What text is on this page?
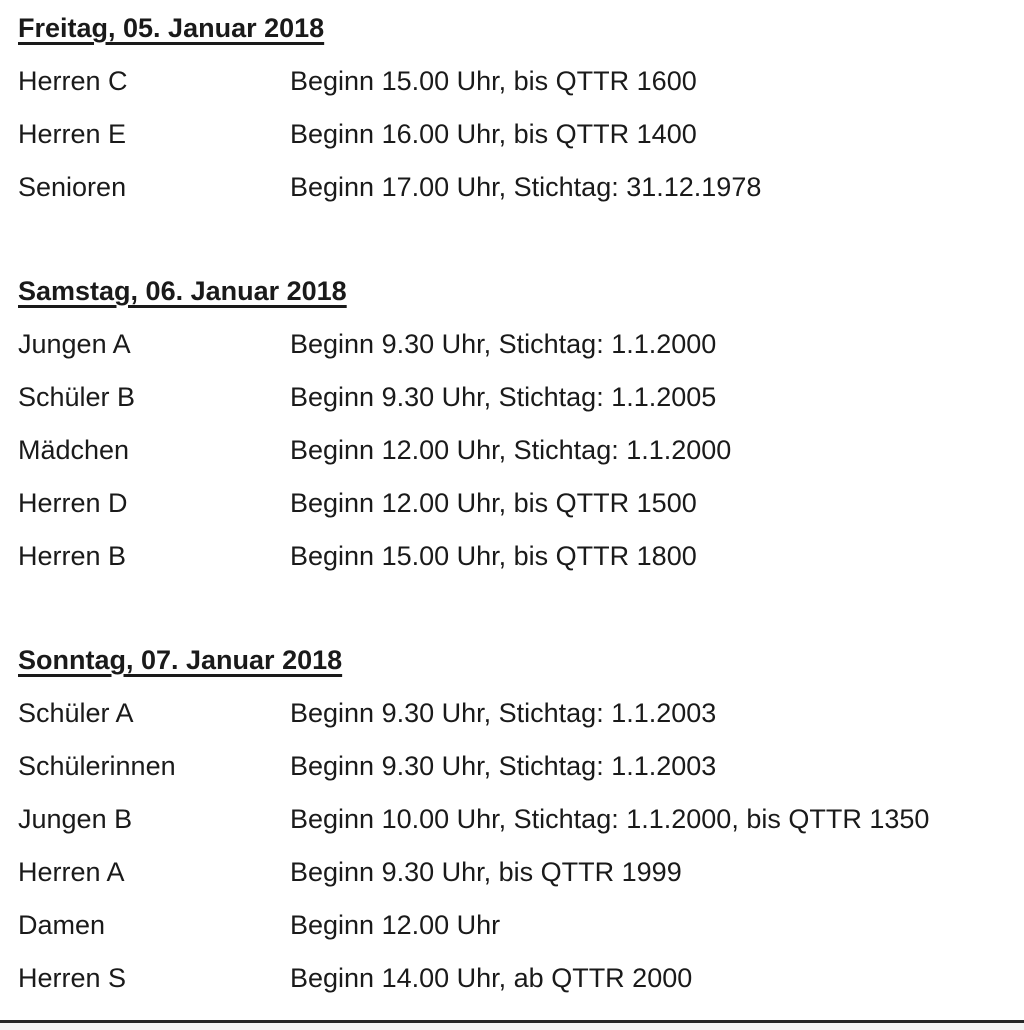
Freitag, 05. Januar 2018
Herren C	Beginn 15.00 Uhr, bis QTTR 1600
Herren E	Beginn 16.00 Uhr, bis QTTR 1400
Senioren	Beginn 17.00 Uhr, Stichtag: 31.12.1978
Samstag, 06. Januar 2018
Jungen A	Beginn 9.30 Uhr, Stichtag: 1.1.2000
Schüler B	Beginn 9.30 Uhr, Stichtag: 1.1.2005
Mädchen	Beginn 12.00 Uhr, Stichtag: 1.1.2000
Herren D	Beginn 12.00 Uhr, bis QTTR 1500
Herren B	Beginn 15.00 Uhr, bis QTTR 1800
Sonntag, 07. Januar 2018
Schüler A	Beginn 9.30 Uhr, Stichtag: 1.1.2003
Schülerinnen	Beginn 9.30 Uhr, Stichtag: 1.1.2003
Jungen B	Beginn 10.00 Uhr, Stichtag: 1.1.2000, bis QTTR 1350
Herren A	Beginn 9.30 Uhr, bis QTTR 1999
Damen	Beginn 12.00 Uhr
Herren S	Beginn 14.00 Uhr, ab QTTR 2000
